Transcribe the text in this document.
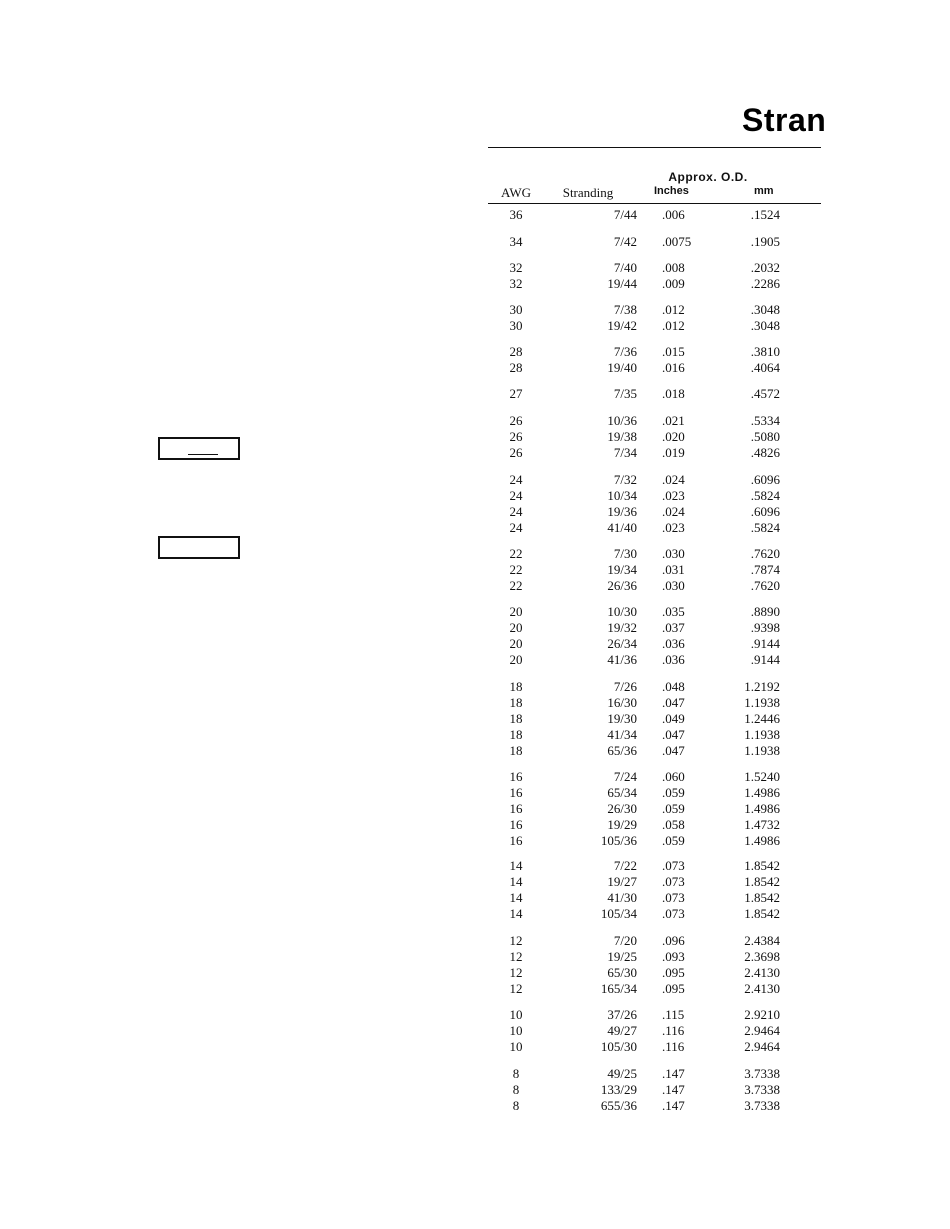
Stran
Approx. O.D.
AWG	Stranding	Inches	mm
36	7/44 .006	.1524
34	7/42 .0075	.1905
32	7/40 .008	.2032
32	19/44 .009	.2286
30	7/38 .012	.3048
30	19/42 .012	.3048
28	7/36 .015	.3810
28	19/40 .016	.4064
27	7/35 .018	.4572
26	10/36 .021	.5334
26	19/38 .020	.5080
26	7/34 .019	.4826
24	7/32 .024	.6096
24	10/34 .023	.5824
24	19/36 .024	.6096
24	41/40 .023	.5824
22	7/30 .030	.7620
22	19/34 .031	.7874
22	26/36 .030	.7620
20	10/30 .035	.8890
20	19/32 .037	.9398
20	26/34 .036	.9144
20	41/36 .036	.9144
18	7/26 .048	1.2192
18	16/30 .047	1.1938
18	19/30 .049	1.2446
18	41/34 .047	1.1938
18	65/36 .047	1.1938
16	7/24 .060	1.5240
16	65/34 .059	1.4986
16	26/30 .059	1.4986
16	19/29 .058	1.4732
16	105/36 .059	1.4986
14	7/22 .073	1.8542
14	19/27 .073	1.8542
14	41/30 .073	1.8542
14	105/34 .073	1.8542
12	7/20 .096	2.4384
12	19/25 .093	2.3698
12	65/30 .095	2.4130
12	165/34 .095	2.4130
10	37/26 .115	2.9210
10	49/27 .116	2.9464
10	105/30 .116	2.9464
8	49/25 .147	3.7338
8	133/29 .147	3.7338
8	655/36 .147	3.7338
